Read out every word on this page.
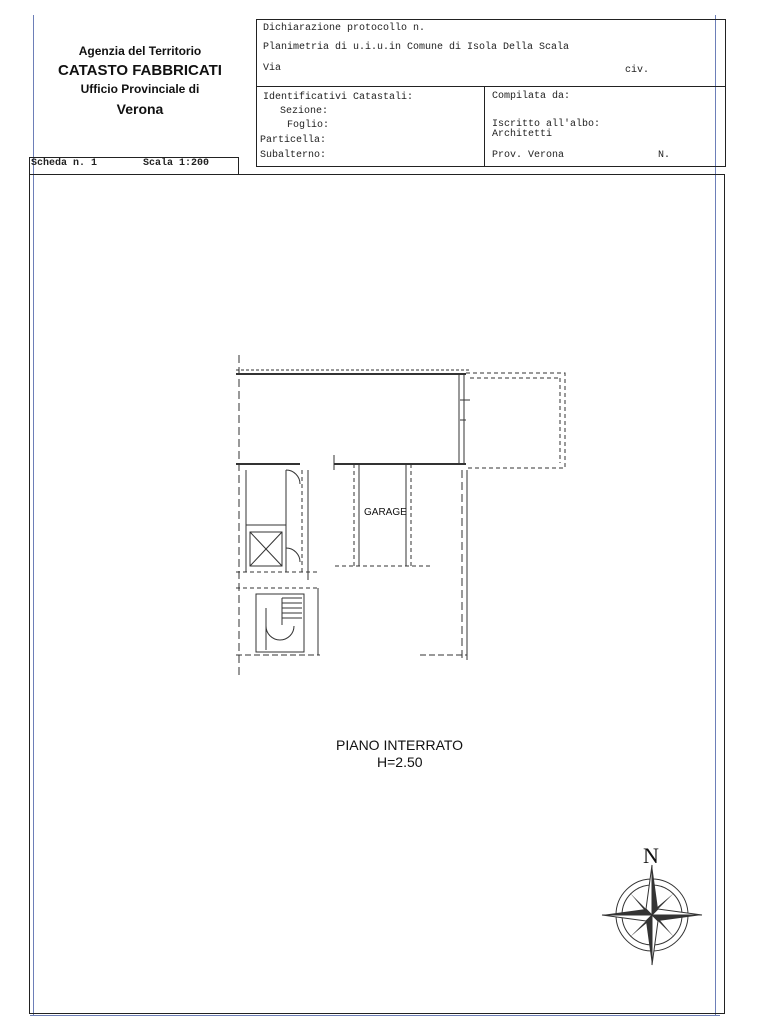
Agenzia del Territorio
CATASTO FABBRICATI
Ufficio Provinciale di
Verona
Dichiarazione protocollo n.
Planimetria di u.i.u.in Comune di Isola Della Scala
Via	civ.
Identificativi Catastali:
Sezione:
Foglio:
Particella:
Subalterno:
Compilata da:
Iscritto all'albo:
Architetti
Prov. Verona	N.
Scheda n. 1	Scala 1:200
GARAGE
PIANO INTERRATO
H=2.50
N
